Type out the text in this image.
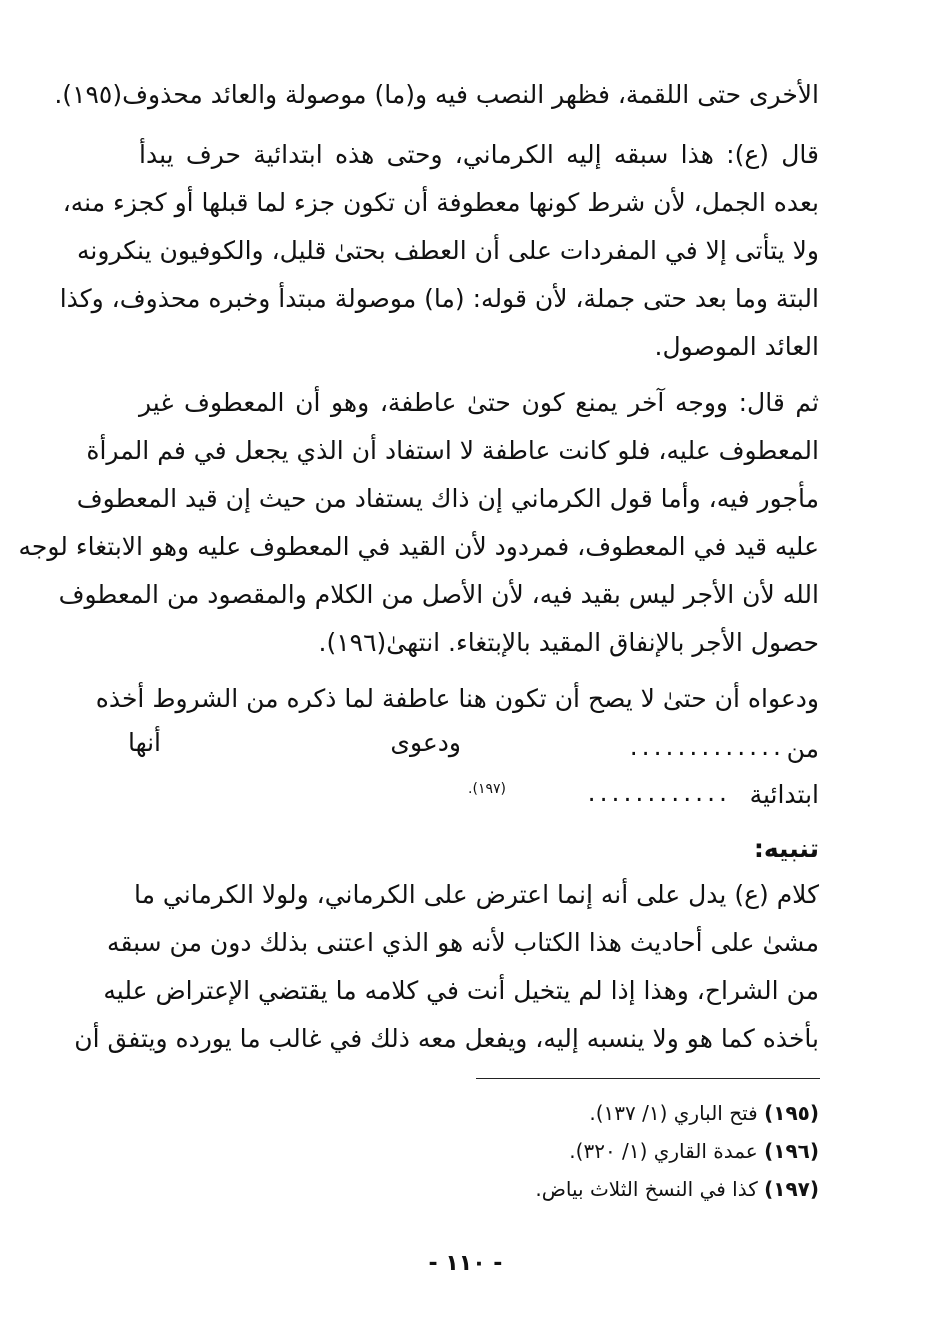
الأخرى حتى اللقمة، فظهر النصب فيه و(ما) موصولة والعائد محذوف(١٩٥).
قال (ع): هذا سبقه إليه الكرماني، وحتى هذه ابتدائية حرف يبدأ
بعده الجمل، لأن شرط كونها معطوفة أن تكون جزء لما قبلها أو كجزء منه،
ولا يتأتى إلا في المفردات على أن العطف بحتىٰ قليل، والكوفيون ينكرونه
البتة وما بعد حتى جملة، لأن قوله: (ما) موصولة مبتدأ وخبره محذوف، وكذا
العائد الموصول.
ثم قال: ووجه آخر يمنع كون حتىٰ عاطفة، وهو أن المعطوف غير
المعطوف عليه، فلو كانت عاطفة لا استفاد أن الذي يجعل في فم المرأة
مأجور فيه، وأما قول الكرماني إن ذاك يستفاد من حيث إن قيد المعطوف
عليه قيد في المعطوف، فمردود لأن القيد في المعطوف عليه وهو الابتغاء لوجه
الله لأن الأجر ليس بقيد فيه، لأن الأصل من الكلام والمقصود من المعطوف
حصول الأجر بالإنفاق المقيد بالإبتغاء. انتهىٰ(١٩٦).
ودعواه أن حتىٰ لا يصح أن تكون هنا عاطفة لما ذكره من الشروط أخذه
من
.............
ودعوى
أنها
ابتدائية
............
(١٩٧).
تنبيه:
كلام (ع) يدل على أنه إنما اعترض على الكرماني، ولولا الكرماني ما
مشىٰ على أحاديث هذا الكتاب لأنه هو الذي اعتنى بذلك دون من سبقه
من الشراح، وهذا إذا لم يتخيل أنت في كلامه ما يقتضي الإعتراض عليه
بأخذه كما هو ولا ينسبه إليه، ويفعل معه ذلك في غالب ما يورده ويتفق أن
(١٩٥) فتح الباري (١/ ١٣٧).
(١٩٦) عمدة القاري (١/ ٣٢٠).
(١٩٧) كذا في النسخ الثلاث بياض.
- ١١٠ -
